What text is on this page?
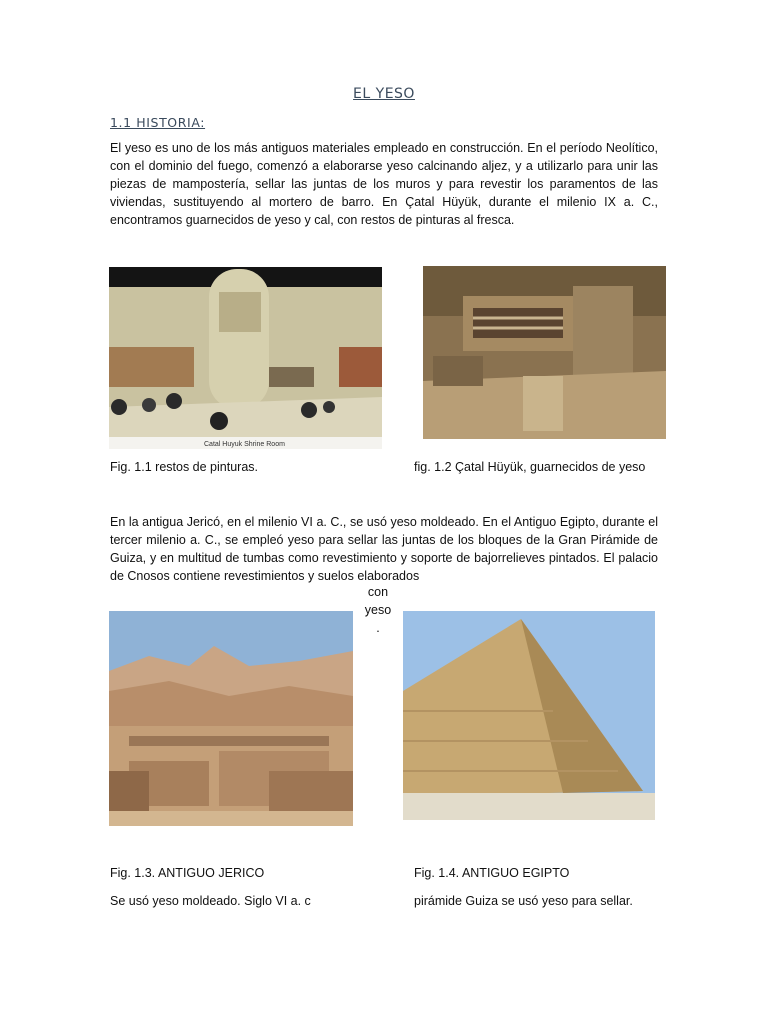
EL YESO
1.1 HISTORIA:
El yeso es uno de los más antiguos materiales empleado en construcción. En el período Neolítico, con el dominio del fuego, comenzó a elaborarse yeso calcinando aljez, y a utilizarlo para unir las piezas de mampostería, sellar las juntas de los muros y para revestir los paramentos de las viviendas, sustituyendo al mortero de barro. En Çatal Hüyük, durante el milenio IX a. C., encontramos guarnecidos de yeso y cal, con restos de pinturas al fresca.
Catal Huyuk Shrine Room
Fig. 1.1 restos de pinturas.	fig. 1.2 Çatal Hüyük, guarnecidos de yeso
En la antigua Jericó, en el milenio VI a. C., se usó yeso moldeado. En el Antiguo Egipto, durante el tercer milenio a. C., se empleó yeso para sellar las juntas de los bloques de la Gran Pirámide de Guiza, y en multitud de tumbas como revestimiento y soporte de bajorrelieves pintados. El palacio de Cnosos contiene revestimientos y suelos elaborados
con
yeso
.
Fig. 1.3. ANTIGUO JERICO	Fig. 1.4. ANTIGUO EGIPTO
Se usó yeso moldeado. Siglo VI a. c	pirámide Guiza se usó yeso para sellar.
